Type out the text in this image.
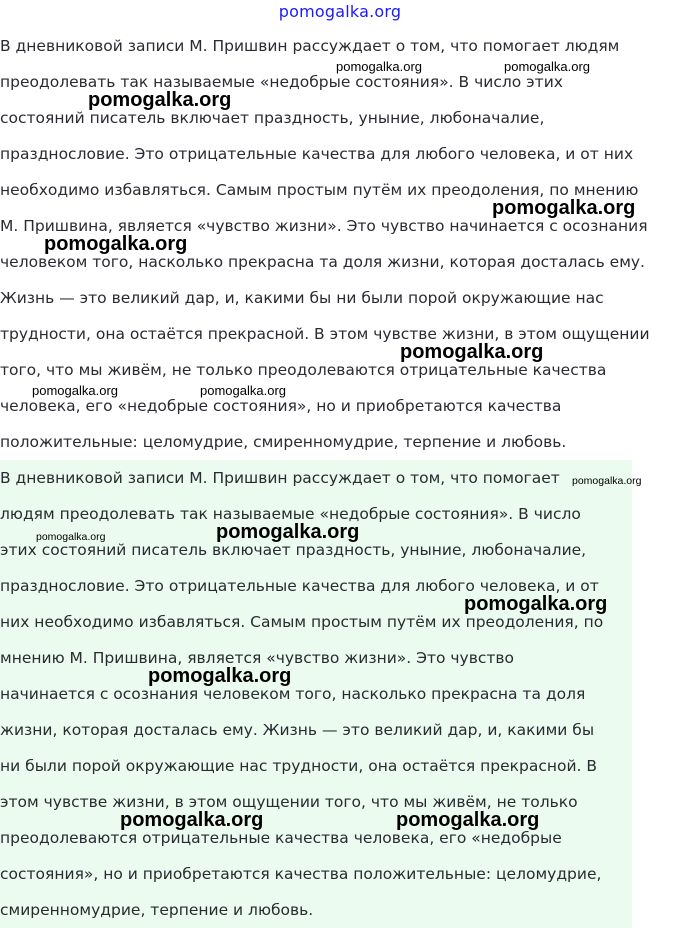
pomogalka.org
В дневниковой записи М. Пришвин рассуждает о том, что помогает людям
преодолевать так называемые «недобрые состояния». В число этих
состояний писатель включает праздность, уныние, любоначалие,
празднословие. Это отрицательные качества для любого человека, и от них
необходимо избавляться. Самым простым путём их преодоления, по мнению
М. Пришвина, является «чувство жизни». Это чувство начинается с осознания
человеком того, насколько прекрасна та доля жизни, которая досталась ему.
Жизнь — это великий дар, и, какими бы ни были порой окружающие нас
трудности, она остаётся прекрасной. В этом чувстве жизни, в этом ощущении
того, что мы живём, не только преодолеваются отрицательные качества
человека, его «недобрые состояния», но и приобретаются качества
положительные: целомудрие, смиренномудрие, терпение и любовь.
В дневниковой записи М. Пришвин рассуждает о том, что помогает
людям преодолевать так называемые «недобрые состояния». В число
этих состояний писатель включает праздность, уныние, любоначалие,
празднословие. Это отрицательные качества для любого человека, и от
них необходимо избавляться. Самым простым путём их преодоления, по
мнению М. Пришвина, является «чувство жизни». Это чувство
начинается с осознания человеком того, насколько прекрасна та доля
жизни, которая досталась ему. Жизнь — это великий дар, и, какими бы
ни были порой окружающие нас трудности, она остаётся прекрасной. В
этом чувстве жизни, в этом ощущении того, что мы живём, не только
преодолеваются отрицательные качества человека, его «недобрые
состояния», но и приобретаются качества положительные: целомудрие,
смиренномудрие, терпение и любовь.
pomogalka.org	pomogalka.org
pomogalka.org
pomogalka.org
pomogalka.org
pomogalka.org
pomogalka.org	pomogalka.org
pomogalka.org
pomogalka.org
pomogalka.org
pomogalka.org
pomogalka.org
pomogalka.org	pomogalka.org
